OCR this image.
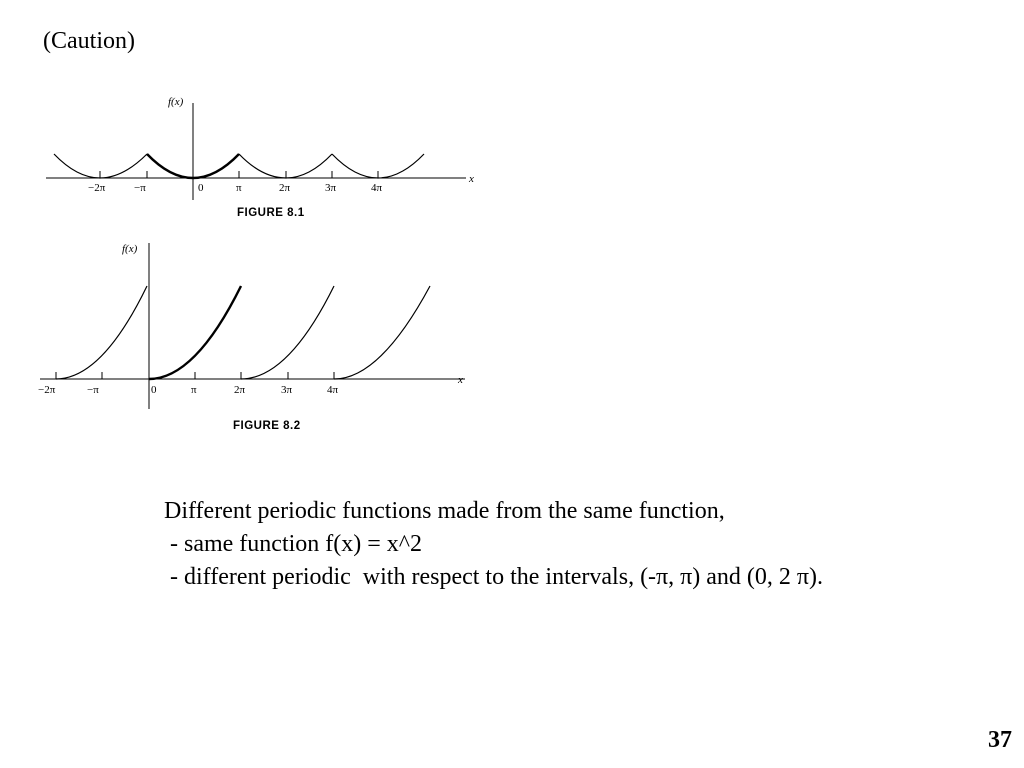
(Caution)
f(x)
x
−2π	−π	0	π	2π	3π	4π
FIGURE 8.1
f(x)
x
−2π	−π	0	π	2π	3π	4π
FIGURE 8.2
Different periodic functions made from the same function,
- same function f(x) = x^2
- different periodic  with respect to the intervals, (-π, π) and (0, 2 π).
37
